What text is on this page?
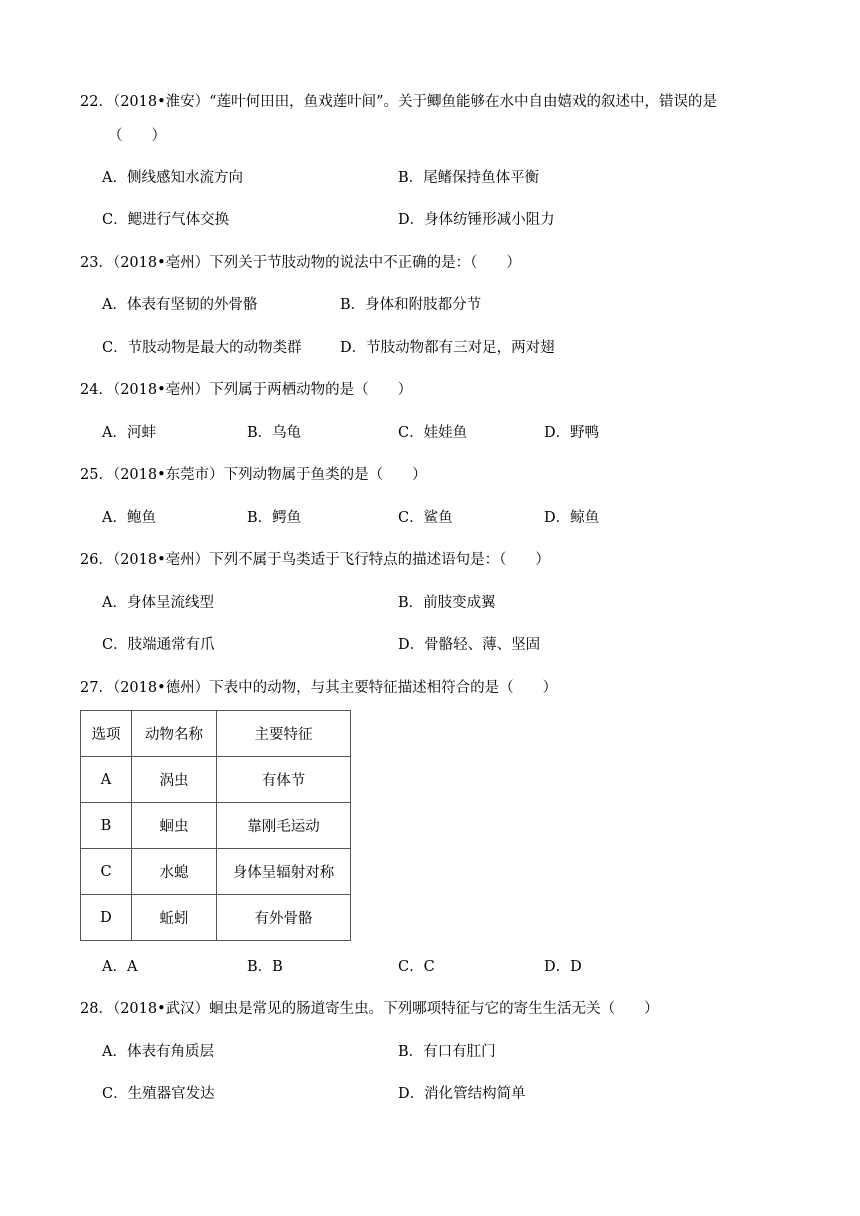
22．（2018•淮安）“莲叶何田田，鱼戏莲叶间”。关于鲫鱼能够在水中自由嬉戏的叙述中，错误的是
（　　）
A．侧线感知水流方向	B．尾鳍保持鱼体平衡
C．鳃进行气体交换	D．身体纺锤形减小阻力
23．（2018•亳州）下列关于节肢动物的说法中不正确的是：（　　）
A．体表有坚韧的外骨骼	B．身体和附肢都分节
C．节肢动物是最大的动物类群	D．节肢动物都有三对足，两对翅
24．（2018•亳州）下列属于两栖动物的是（　　）
A．河蚌	B．乌龟	C．娃娃鱼	D．野鸭
25．（2018•东莞市）下列动物属于鱼类的是（　　）
A．鲍鱼	B．鳄鱼	C．鲨鱼	D．鲸鱼
26．（2018•亳州）下列不属于鸟类适于飞行特点的描述语句是：（　　）
A．身体呈流线型	B．前肢变成翼
C．肢端通常有爪	D．骨骼轻、薄、坚固
27．（2018•德州）下表中的动物，与其主要特征描述相符合的是（　　）
选项	动物名称	主要特征
A	涡虫	有体节
B	蛔虫	靠刚毛运动
C	水螅	身体呈辐射对称
D	蚯蚓	有外骨骼
A．A	B．B	C．C	D．D
28．（2018•武汉）蛔虫是常见的肠道寄生虫。下列哪项特征与它的寄生生活无关（　　）
A．体表有角质层	B．有口有肛门
C．生殖器官发达	D．消化管结构简单
